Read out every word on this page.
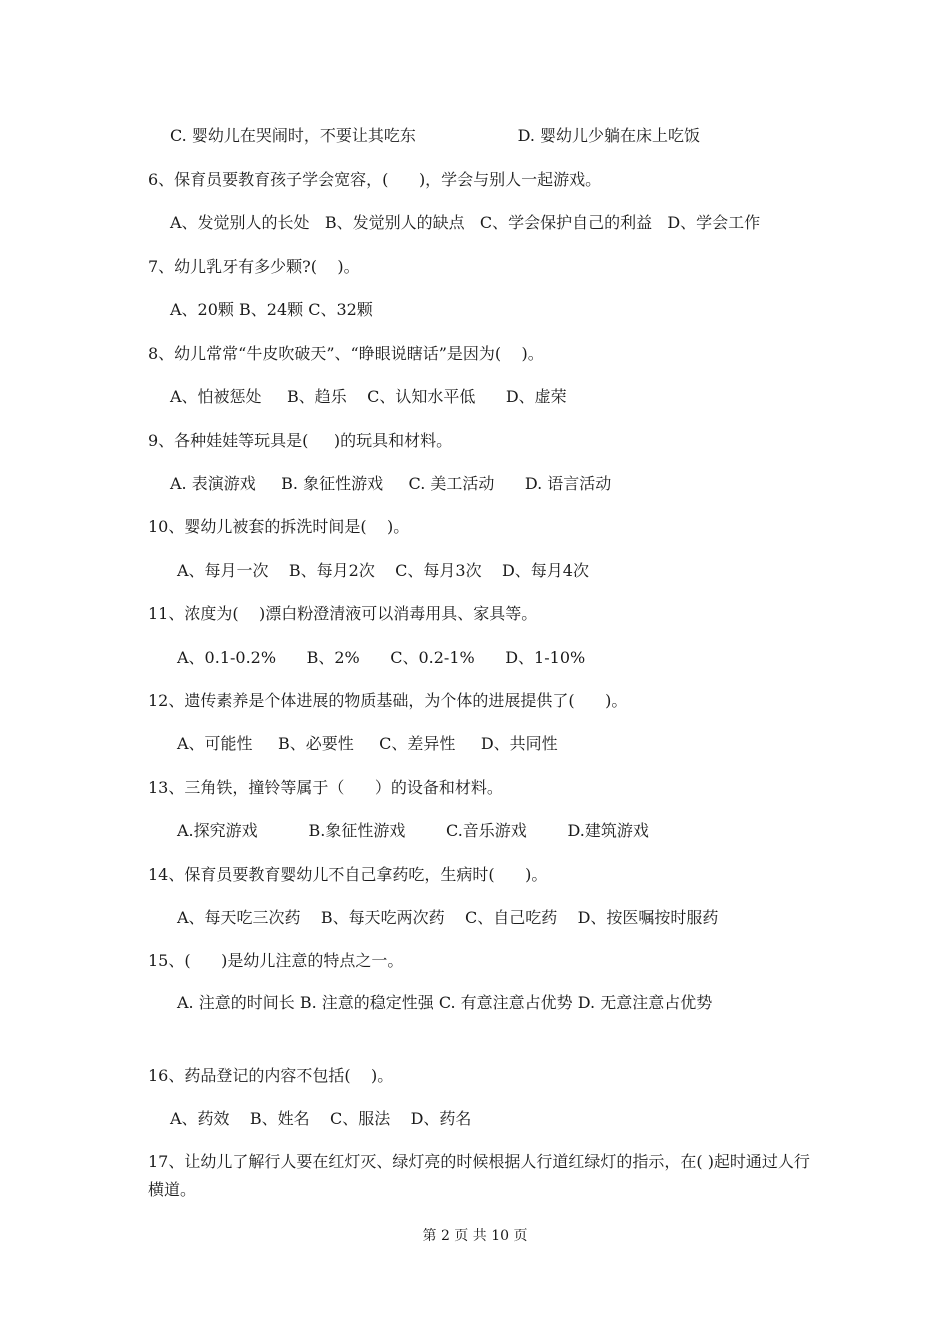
C. 婴幼儿在哭闹时，不要让其吃东                    D. 婴幼儿少躺在床上吃饭
6、保育员要教育孩子学会宽容，(      )，学会与别人一起游戏。
A、发觉别人的长处   B、发觉别人的缺点   C、学会保护自己的利益   D、学会工作
7、幼儿乳牙有多少颗?(    )。
A、20颗 B、24颗 C、32颗
8、幼儿常常“牛皮吹破天”、“睁眼说瞎话”是因为(    )。
A、怕被惩处     B、趋乐    C、认知水平低      D、虚荣
9、各种娃娃等玩具是(     )的玩具和材料。
A. 表演游戏     B. 象征性游戏     C. 美工活动      D. 语言活动
10、婴幼儿被套的拆洗时间是(    )。
A、每月一次    B、每月2次    C、每月3次    D、每月4次
11、浓度为(    )漂白粉澄清液可以消毒用具、家具等。
A、0.1-0.2%      B、2%      C、0.2-1%      D、1-10%
12、遗传素养是个体进展的物质基础，为个体的进展提供了(      )。
A、可能性     B、必要性     C、差异性     D、共同性
13、三角铁，撞铃等属于（      ）的设备和材料。
A.探究游戏          B.象征性游戏        C.音乐游戏        D.建筑游戏
14、保育员要教育婴幼儿不自己拿药吃，生病时(      )。
A、每天吃三次药    B、每天吃两次药    C、自己吃药    D、按医嘱按时服药
15、(      )是幼儿注意的特点之一。
A. 注意的时间长 B. 注意的稳定性强 C. 有意注意占优势 D. 无意注意占优势
16、药品登记的内容不包括(    )。
A、药效    B、姓名    C、服法    D、药名
17、让幼儿了解行人要在红灯灭、绿灯亮的时候根据人行道红绿灯的指示，在( )起时通过人行横道。
第 2 页 共 10 页
